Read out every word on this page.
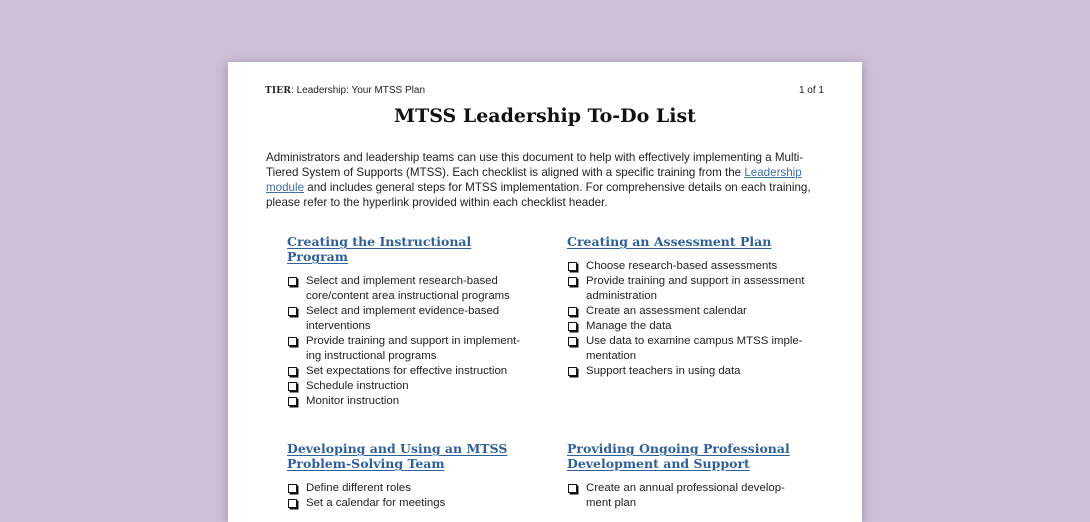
TIER: Leadership: Your MTSS Plan	1 of 1
MTSS Leadership To-Do List
Administrators and leadership teams can use this document to help with effectively implementing a Multi-Tiered System of Supports (MTSS). Each checklist is aligned with a specific training from the Leadership module and includes general steps for MTSS implementation. For comprehensive details on each training, please refer to the hyperlink provided within each checklist header.
Creating the Instructional Program
Select and implement research-based core/content area instructional programs
Select and implement evidence-based interventions
Provide training and support in implement-ing instructional programs
Set expectations for effective instruction
Schedule instruction
Monitor instruction
Creating an Assessment Plan
Choose research-based assessments
Provide training and support in assessment administration
Create an assessment calendar
Manage the data
Use data to examine campus MTSS imple-mentation
Support teachers in using data
Developing and Using an MTSS Problem-Solving Team
Define different roles
Set a calendar for meetings
Providing Ongoing Professional Development and Support
Create an annual professional develop-ment plan
